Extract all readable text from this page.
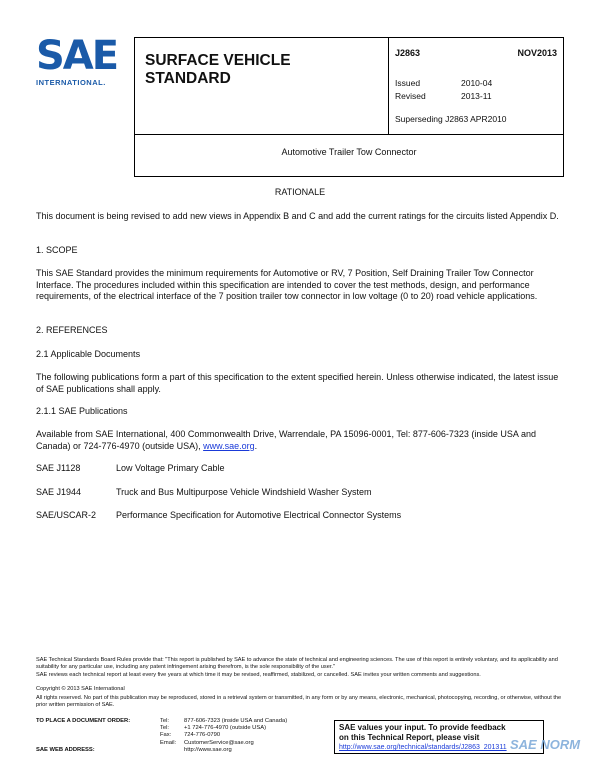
SAE
INTERNATIONAL.
SURFACE VEHICLE
STANDARD
J2863	NOV2013
Issued	2010-04
Revised	2013-11
Superseding J2863 APR2010
Automotive Trailer Tow Connector
RATIONALE
This document is being revised to add new views in Appendix B and C and add the current ratings for the circuits listed Appendix D.
1. SCOPE
This SAE Standard provides the minimum requirements for Automotive or RV, 7 Position, Self Draining Trailer Tow Connector Interface. The procedures included within this specification are intended to cover the test methods, design, and performance requirements, of the electrical interface of the 7 position trailer tow connector in low voltage (0 to 20) road vehicle applications.
2. REFERENCES
2.1 Applicable Documents
The following publications form a part of this specification to the extent specified herein. Unless otherwise indicated, the latest issue of SAE publications shall apply.
2.1.1 SAE Publications
Available from SAE International, 400 Commonwealth Drive, Warrendale, PA 15096-0001, Tel: 877-606-7323 (inside USA and Canada) or 724-776-4970 (outside USA), www.sae.org.
SAE J1128	Low Voltage Primary Cable
SAE J1944	Truck and Bus Multipurpose Vehicle Windshield Washer System
SAE/USCAR-2 Performance Specification for Automotive Electrical Connector Systems
SAE Technical Standards Board Rules provide that: "This report is published by SAE to advance the state of technical and engineering sciences. The use of this report is entirely voluntary, and its applicability and suitability for any particular use, including any patent infringement arising therefrom, is the sole responsibility of the user."
SAE reviews each technical report at least every five years at which time it may be revised, reaffirmed, stabilized, or cancelled. SAE invites your written comments and suggestions.
Copyright © 2013 SAE International
All rights reserved. No part of this publication may be reproduced, stored in a retrieval system or transmitted, in any form or by any means, electronic, mechanical, photocopying, recording, or otherwise, without the prior written permission of SAE.
TO PLACE A DOCUMENT ORDER:	Tel:	877-606-7323 (inside USA and Canada)
Tel:	+1 724-776-4970 (outside USA)
Fax: 724-776-0790
Email: CustomerService@sae.org
SAE WEB ADDRESS:	http://www.sae.org
SAE values your input. To provide feedback
on this Technical Report, please visit
http://www.sae.org/technical/standards/J2863_201311 SAE NORM
